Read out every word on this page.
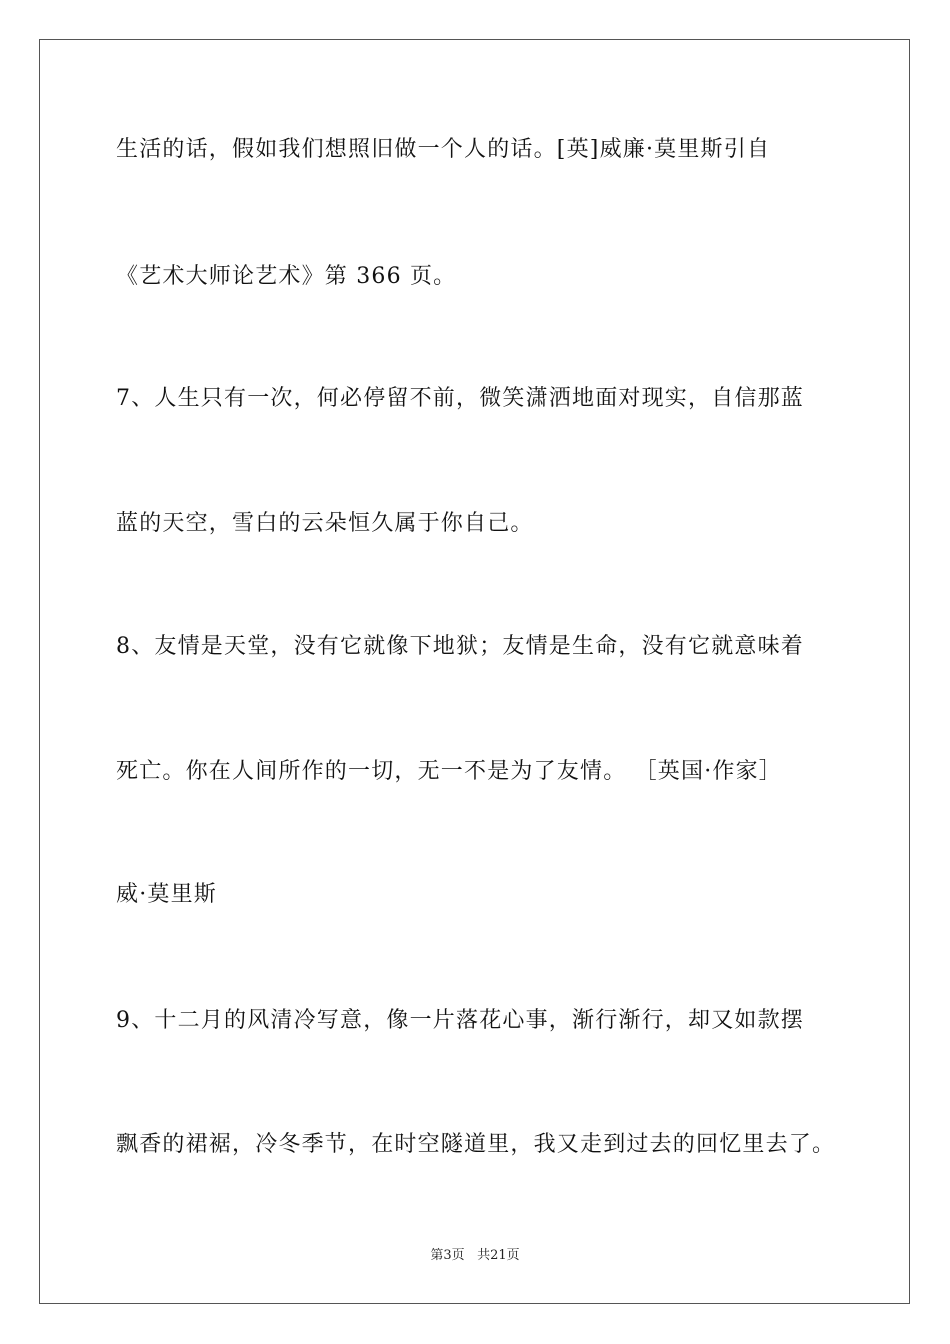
生活的话，假如我们想照旧做一个人的话。[英]威廉·莫里斯引自
《艺术大师论艺术》第 366 页。
7、人生只有一次，何必停留不前，微笑潇洒地面对现实，自信那蓝
蓝的天空，雪白的云朵恒久属于你自己。
8、友情是天堂，没有它就像下地狱；友情是生命，没有它就意味着
死亡。你在人间所作的一切，无一不是为了友情。 ［英国·作家］
威·莫里斯
9、十二月的风清冷写意，像一片落花心事，渐行渐行，却又如款摆
飘香的裙裾，冷冬季节，在时空隧道里，我又走到过去的回忆里去了。
第3页 共21页
